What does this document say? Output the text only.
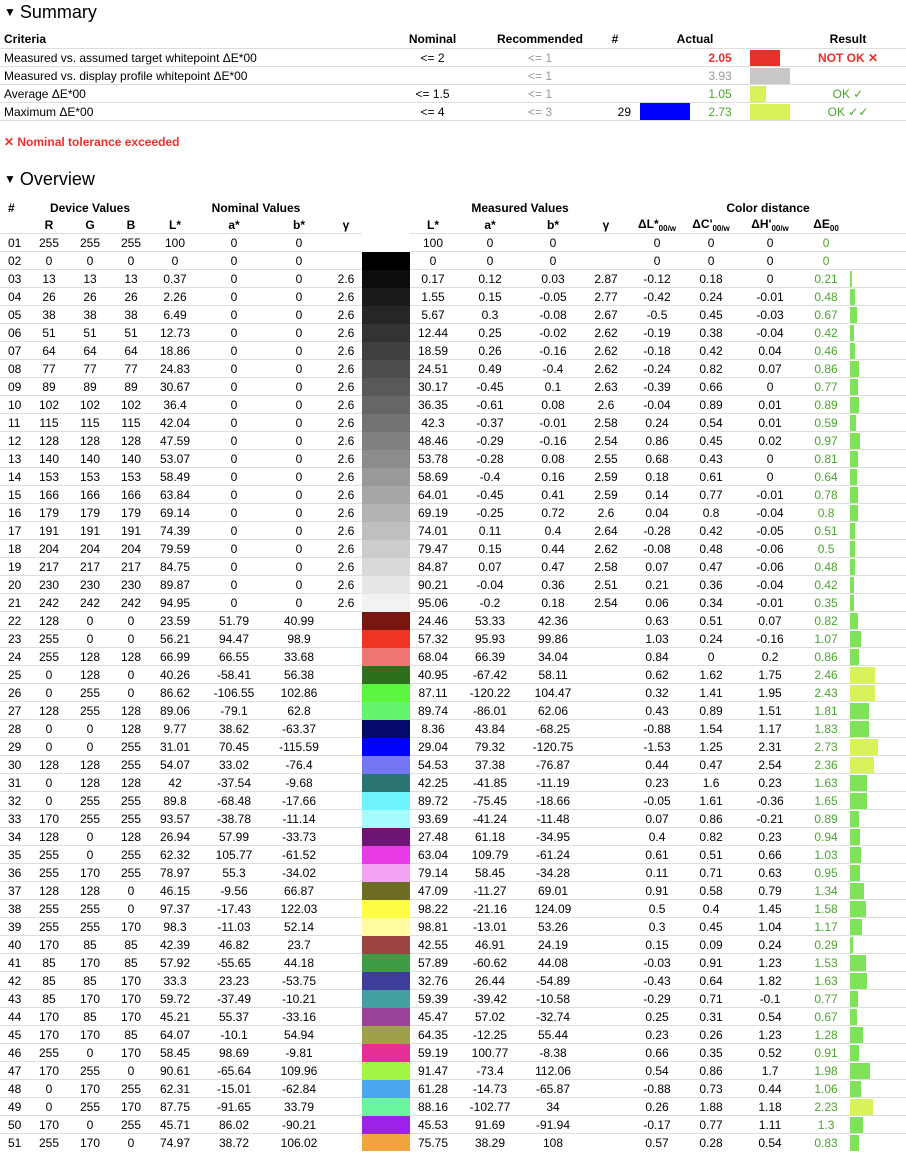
▼ Summary
Criteria	Nominal	Recommended	#		Actual			Result
Measured vs. assumed target whitepoint ΔE*00	<= 2	<= 1				2.05		NOT OK ✕
Measured vs. display profile whitepoint ΔE*00		<= 1				3.93	

Average ΔE*00	<= 1.5	<= 1				1.05		OK ✓
Maximum ΔE*00	<= 4	<= 3	29			2.73		OK ✓✓
✕ Nominal tolerance exceeded
▼ Overview
#	Device Values			Nominal Values					Measured Values				Color distance				
	R	G	B	L*	a*	b*	γ		L*	a*	b*	γ	$\Delta L*_{00/w}$	$\Delta C'_{00/w}$	$\Delta H'_{00/w}$	$\Delta E_{00}$	
01	255	255	255	100	0	0			100	0	0		0	0	0	0	

02	0	0	0	0	0	0			0	0	0		0	0	0	0	

03	13	13	13	0.37	0	0	2.6		0.17	0.12	0.03	2.87	-0.12	0.18	0	0.21	

04	26	26	26	2.26	0	0	2.6		1.55	0.15	-0.05	2.77	-0.42	0.24	-0.01	0.48	

05	38	38	38	6.49	0	0	2.6		5.67	0.3	-0.08	2.67	-0.5	0.45	-0.03	0.67	

06	51	51	51	12.73	0	0	2.6		12.44	0.25	-0.02	2.62	-0.19	0.38	-0.04	0.42	

07	64	64	64	18.86	0	0	2.6		18.59	0.26	-0.16	2.62	-0.18	0.42	0.04	0.46	

08	77	77	77	24.83	0	0	2.6		24.51	0.49	-0.4	2.62	-0.24	0.82	0.07	0.86	

09	89	89	89	30.67	0	0	2.6		30.17	-0.45	0.1	2.63	-0.39	0.66	0	0.77	

10	102	102	102	36.4	0	0	2.6		36.35	-0.61	0.08	2.6	-0.04	0.89	0.01	0.89	

11	115	115	115	42.04	0	0	2.6		42.3	-0.37	-0.01	2.58	0.24	0.54	0.01	0.59	

12	128	128	128	47.59	0	0	2.6		48.46	-0.29	-0.16	2.54	0.86	0.45	0.02	0.97	

13	140	140	140	53.07	0	0	2.6		53.78	-0.28	0.08	2.55	0.68	0.43	0	0.81	

14	153	153	153	58.49	0	0	2.6		58.69	-0.4	0.16	2.59	0.18	0.61	0	0.64	

15	166	166	166	63.84	0	0	2.6		64.01	-0.45	0.41	2.59	0.14	0.77	-0.01	0.78	

16	179	179	179	69.14	0	0	2.6		69.19	-0.25	0.72	2.6	0.04	0.8	-0.04	0.8	

17	191	191	191	74.39	0	0	2.6		74.01	0.11	0.4	2.64	-0.28	0.42	-0.05	0.51	

18	204	204	204	79.59	0	0	2.6		79.47	0.15	0.44	2.62	-0.08	0.48	-0.06	0.5	

19	217	217	217	84.75	0	0	2.6		84.87	0.07	0.47	2.58	0.07	0.47	-0.06	0.48	

20	230	230	230	89.87	0	0	2.6		90.21	-0.04	0.36	2.51	0.21	0.36	-0.04	0.42	

21	242	242	242	94.95	0	0	2.6		95.06	-0.2	0.18	2.54	0.06	0.34	-0.01	0.35	

22	128	0	0	23.59	51.79	40.99			24.46	53.33	42.36		0.63	0.51	0.07	0.82	

23	255	0	0	56.21	94.47	98.9			57.32	95.93	99.86		1.03	0.24	-0.16	1.07	

24	255	128	128	66.99	66.55	33.68			68.04	66.39	34.04		0.84	0	0.2	0.86	

25	0	128	0	40.26	-58.41	56.38			40.95	-67.42	58.11		0.62	1.62	1.75	2.46	

26	0	255	0	86.62	-106.55	102.86			87.11	-120.22	104.47		0.32	1.41	1.95	2.43	

27	128	255	128	89.06	-79.1	62.8			89.74	-86.01	62.06		0.43	0.89	1.51	1.81	

28	0	0	128	9.77	38.62	-63.37			8.36	43.84	-68.25		-0.88	1.54	1.17	1.83	

29	0	0	255	31.01	70.45	-115.59			29.04	79.32	-120.75		-1.53	1.25	2.31	2.73	

30	128	128	255	54.07	33.02	-76.4			54.53	37.38	-76.87		0.44	0.47	2.54	2.36	

31	0	128	128	42	-37.54	-9.68			42.25	-41.85	-11.19		0.23	1.6	0.23	1.63	

32	0	255	255	89.8	-68.48	-17.66			89.72	-75.45	-18.66		-0.05	1.61	-0.36	1.65	

33	170	255	255	93.57	-38.78	-11.14			93.69	-41.24	-11.48		0.07	0.86	-0.21	0.89	

34	128	0	128	26.94	57.99	-33.73			27.48	61.18	-34.95		0.4	0.82	0.23	0.94	

35	255	0	255	62.32	105.77	-61.52			63.04	109.79	-61.24		0.61	0.51	0.66	1.03	

36	255	170	255	78.97	55.3	-34.02			79.14	58.45	-34.28		0.11	0.71	0.63	0.95	

37	128	128	0	46.15	-9.56	66.87			47.09	-11.27	69.01		0.91	0.58	0.79	1.34	

38	255	255	0	97.37	-17.43	122.03			98.22	-21.16	124.09		0.5	0.4	1.45	1.58	

39	255	255	170	98.3	-11.03	52.14			98.81	-13.01	53.26		0.3	0.45	1.04	1.17	

40	170	85	85	42.39	46.82	23.7			42.55	46.91	24.19		0.15	0.09	0.24	0.29	

41	85	170	85	57.92	-55.65	44.18			57.89	-60.62	44.08		-0.03	0.91	1.23	1.53	

42	85	85	170	33.3	23.23	-53.75			32.76	26.44	-54.89		-0.43	0.64	1.82	1.63	

43	85	170	170	59.72	-37.49	-10.21			59.39	-39.42	-10.58		-0.29	0.71	-0.1	0.77	

44	170	85	170	45.21	55.37	-33.16			45.47	57.02	-32.74		0.25	0.31	0.54	0.67	

45	170	170	85	64.07	-10.1	54.94			64.35	-12.25	55.44		0.23	0.26	1.23	1.28	

46	255	0	170	58.45	98.69	-9.81			59.19	100.77	-8.38		0.66	0.35	0.52	0.91	

47	170	255	0	90.61	-65.64	109.96			91.47	-73.4	112.06		0.54	0.86	1.7	1.98	

48	0	170	255	62.31	-15.01	-62.84			61.28	-14.73	-65.87		-0.88	0.73	0.44	1.06	

49	0	255	170	87.75	-91.65	33.79			88.16	-102.77	34		0.26	1.88	1.18	2.23	

50	170	0	255	45.71	86.02	-90.21			45.53	91.69	-91.94		-0.17	0.77	1.11	1.3	

51	255	170	0	74.97	38.72	106.02			75.75	38.29	108		0.57	0.28	0.54	0.83	
